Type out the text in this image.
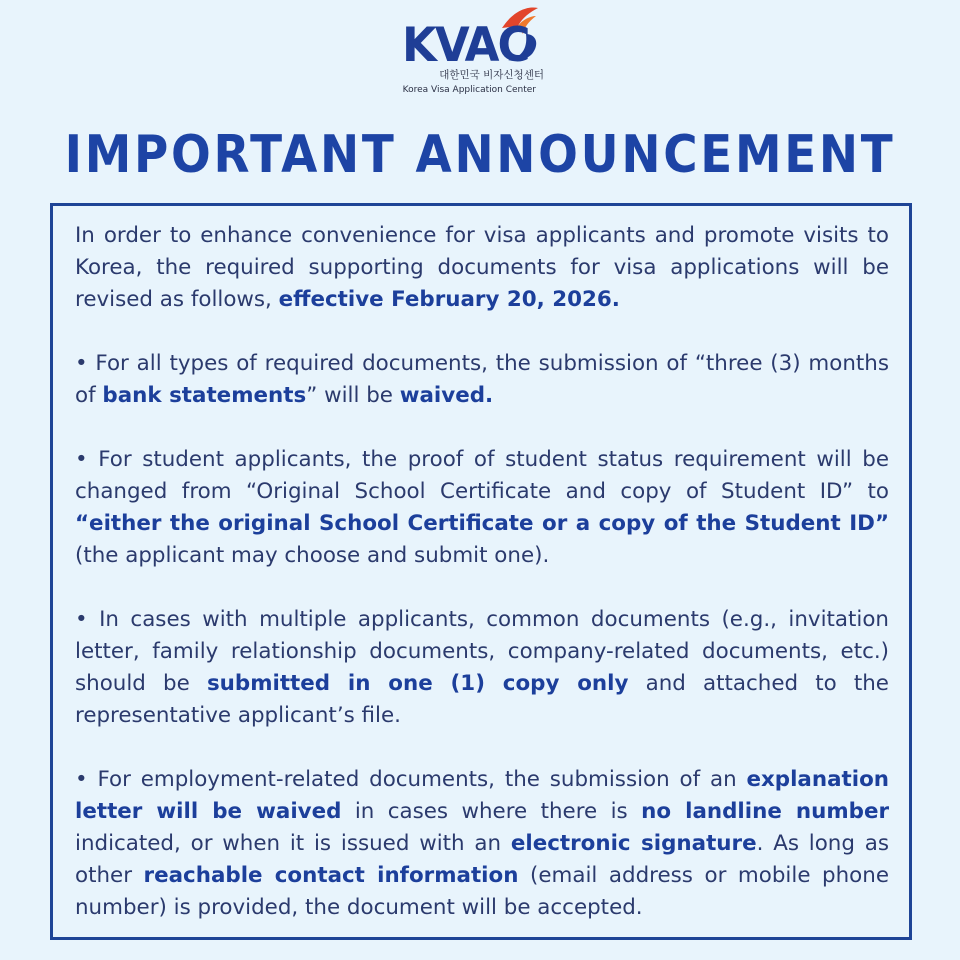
KVAC
대한민국 비자신청센터
Korea Visa Application Center
IMPORTANT ANNOUNCEMENT

In order to enhance convenience for visa applicants and promote visits to Korea, the required supporting documents for visa applications will be revised as follows, effective February 20, 2026.

• For all types of required documents, the submission of “three (3) months of bank statements” will be waived.

• For student applicants, the proof of student status requirement will be changed from “Original School Certificate and copy of Student ID” to “either the original School Certificate or a copy of the Student ID” (the applicant may choose and submit one).

• In cases with multiple applicants, common documents (e.g., invitation letter, family relationship documents, company-related documents, etc.) should be submitted in one (1) copy only and attached to the representative applicant’s file.

• For employment-related documents, the submission of an explanation letter will be waived in cases where there is no landline number indicated, or when it is issued with an electronic signature. As long as other reachable contact information (email address or mobile phone number) is provided, the document will be accepted.
